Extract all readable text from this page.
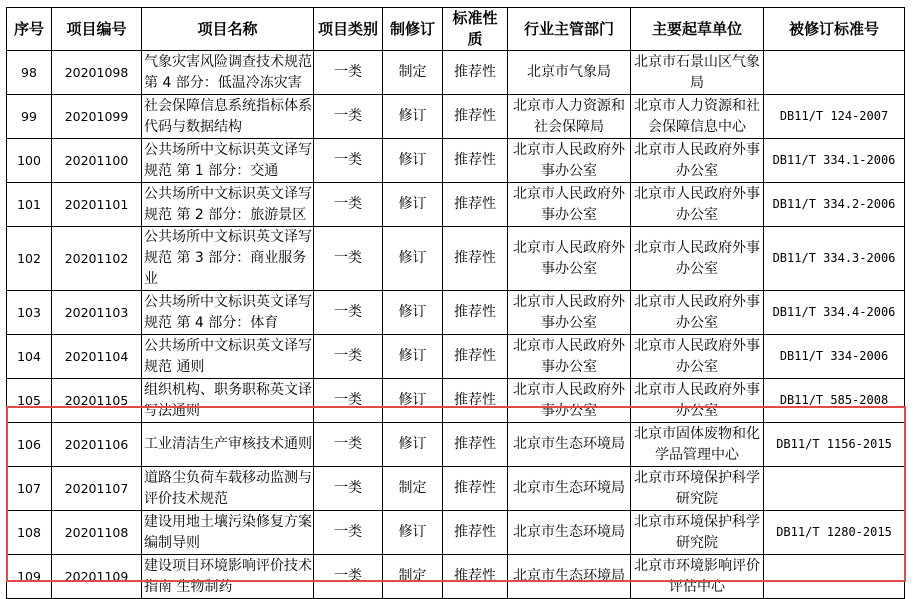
序号	项目编号	项目名称	项目类别	制修订	标准性质	行业主管部门	主要起草单位	被修订标准号
98	20201098	气象灾害风险调查技术规范 第 4 部分：低温冷冻灾害	一类	制定	推荐性	北京市气象局	北京市石景山区气象局	
99	20201099	社会保障信息系统指标体系代码与数据结构	一类	修订	推荐性	北京市人力资源和社会保障局	北京市人力资源和社会保障信息中心	DB11/T 124-2007
100	20201100	公共场所中文标识英文译写规范 第 1 部分：交通	一类	修订	推荐性	北京市人民政府外事办公室	北京市人民政府外事办公室	DB11/T 334.1-2006
101	20201101	公共场所中文标识英文译写规范 第 2 部分：旅游景区	一类	修订	推荐性	北京市人民政府外事办公室	北京市人民政府外事办公室	DB11/T 334.2-2006
102	20201102	公共场所中文标识英文译写规范 第 3 部分：商业服务业	一类	修订	推荐性	北京市人民政府外事办公室	北京市人民政府外事办公室	DB11/T 334.3-2006
103	20201103	公共场所中文标识英文译写规范 第 4 部分：体育	一类	修订	推荐性	北京市人民政府外事办公室	北京市人民政府外事办公室	DB11/T 334.4-2006
104	20201104	公共场所中文标识英文译写规范 通则	一类	修订	推荐性	北京市人民政府外事办公室	北京市人民政府外事办公室	DB11/T 334-2006
105	20201105	组织机构、职务职称英文译写法通则	一类	修订	推荐性	北京市人民政府外事办公室	北京市人民政府外事办公室	DB11/T 585-2008
106	20201106	工业清洁生产审核技术通则	一类	修订	推荐性	北京市生态环境局	北京市固体废物和化学品管理中心	DB11/T 1156-2015
107	20201107	道路尘负荷车载移动监测与评价技术规范	一类	制定	推荐性	北京市生态环境局	北京市环境保护科学研究院	
108	20201108	建设用地土壤污染修复方案编制导则	一类	修订	推荐性	北京市生态环境局	北京市环境保护科学研究院	DB11/T 1280-2015
109	20201109	建设项目环境影响评价技术指南 生物制药	一类	制定	推荐性	北京市生态环境局	北京市环境影响评价评估中心	
